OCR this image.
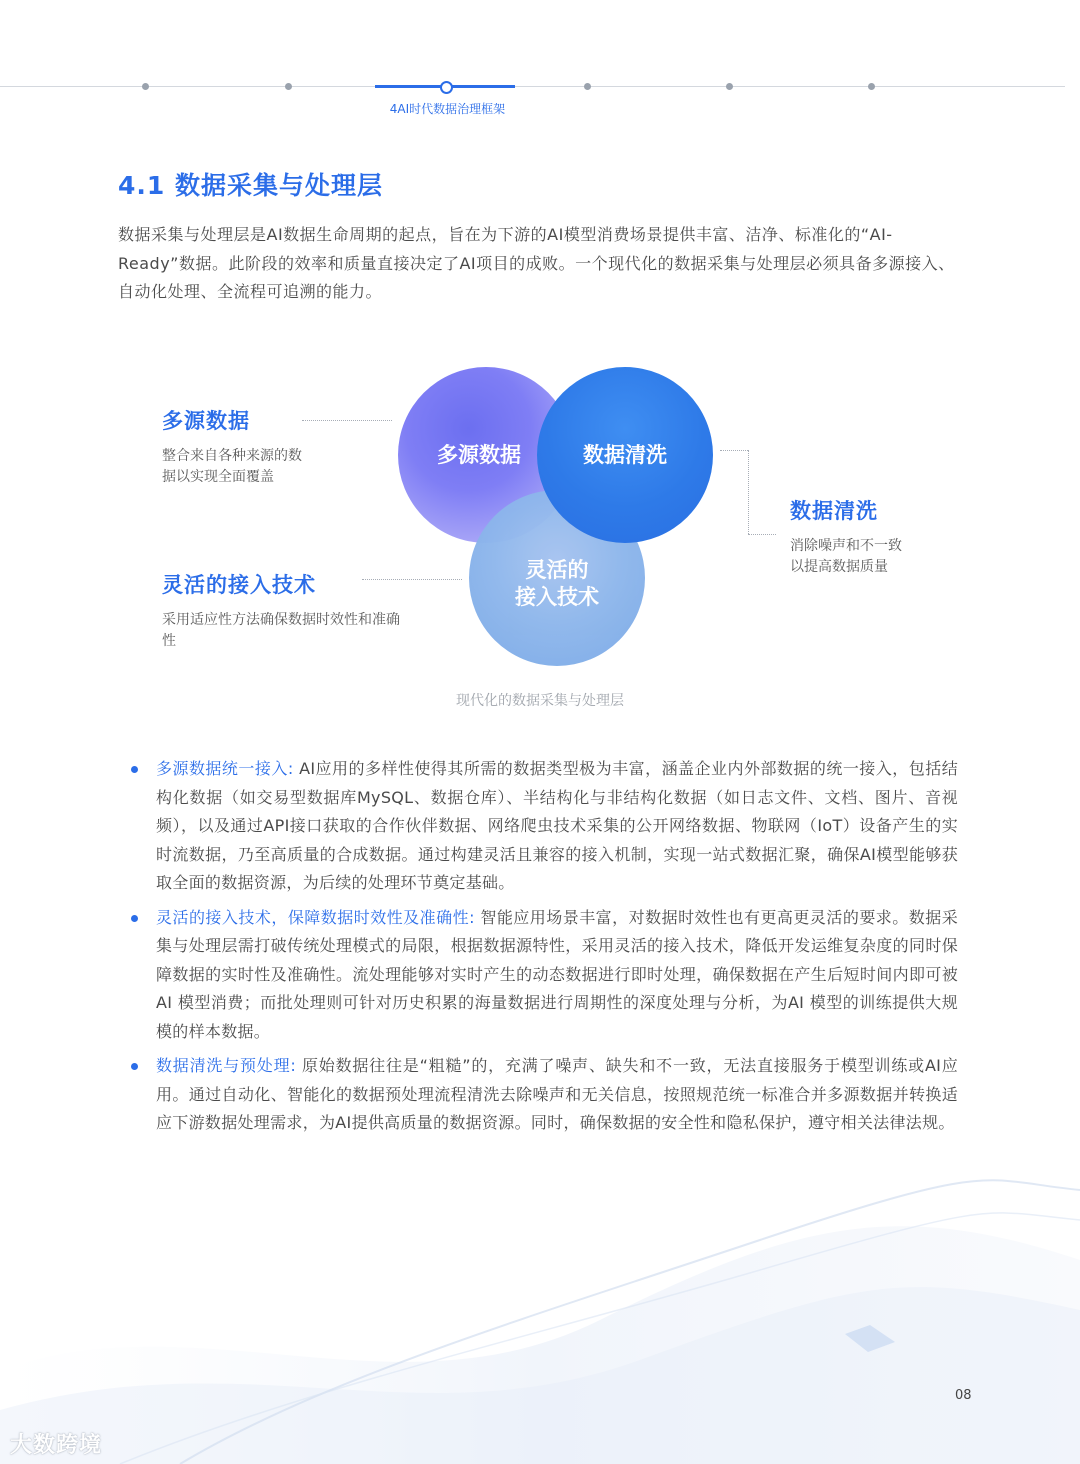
4AI时代数据治理框架
4.1 数据采集与处理层
数据采集与处理层是AI数据生命周期的起点，旨在为下游的AI模型消费场景提供丰富、洁净、标准化的“AI-Ready”数据。此阶段的效率和质量直接决定了AI项目的成败。一个现代化的数据采集与处理层必须具备多源接入、自动化处理、全流程可追溯的能力。
多源数据
灵活的
接入技术
数据清洗
多源数据
整合来自各种来源的数据以实现全面覆盖
灵活的接入技术
采用适应性方法确保数据时效性和准确性
数据清洗
消除噪声和不一致以提高数据质量
现代化的数据采集与处理层
多源数据统一接入: AI应用的多样性使得其所需的数据类型极为丰富，涵盖企业内外部数据的统一接入，包括结构化数据（如交易型数据库MySQL、数据仓库）、半结构化与非结构化数据（如日志文件、文档、图片、音视频），以及通过API接口获取的合作伙伴数据、网络爬虫技术采集的公开网络数据、物联网（IoT）设备产生的实时流数据，乃至高质量的合成数据。通过构建灵活且兼容的接入机制，实现一站式数据汇聚，确保AI模型能够获取全面的数据资源，为后续的处理环节奠定基础。
灵活的接入技术，保障数据时效性及准确性: 智能应用场景丰富，对数据时效性也有更高更灵活的要求。数据采集与处理层需打破传统处理模式的局限，根据数据源特性，采用灵活的接入技术，降低开发运维复杂度的同时保障数据的实时性及准确性。流处理能够对实时产生的动态数据进行即时处理，确保数据在产生后短时间内即可被 AI 模型消费；而批处理则可针对历史积累的海量数据进行周期性的深度处理与分析，为AI 模型的训练提供大规模的样本数据。
数据清洗与预处理: 原始数据往往是“粗糙”的，充满了噪声、缺失和不一致，无法直接服务于模型训练或AI应用。通过自动化、智能化的数据预处理流程清洗去除噪声和无关信息，按照规范统一标准合并多源数据并转换适应下游数据处理需求，为AI提供高质量的数据资源。同时，确保数据的安全性和隐私保护，遵守相关法律法规。
08
大数跨境
